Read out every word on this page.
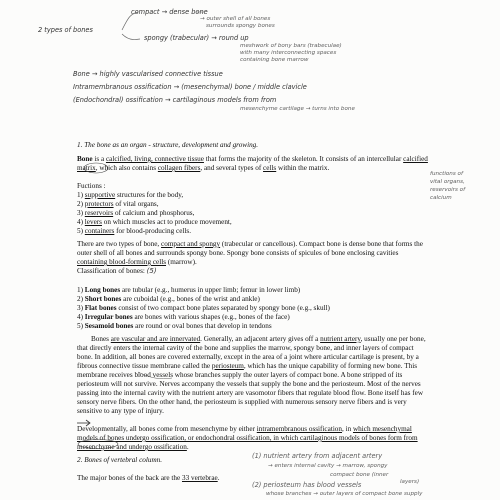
compact → dense bone
→ outer shell of all bones
surrounds spongy bones
2 types of bones
spongy (trabecular) → round up
meshwork of bony bars (trabeculae)
with many interconnecting spaces
containing bone marrow
Bone → highly vascularised connective tissue
Intramembranous ossification → (mesenchymal) bone / middle clavicle
(Endochondral) ossification → cartilaginous models from from
mesenchyme cartilage → turns into bone
functions of
vital organs,
reservoirs of
calcium
1. The bone as an organ - structure, development and growing.

Bone is a calcified, living, connective tissue that forms the majority of the skeleton. It consists of an intercellular calcified matrix, which also contains collagen fibers, and several types of cells within the matrix.

Fuctions :

1) supportive structures for the body,

2) protectors of vital organs,

3) reservoirs of calcium and phosphorus,

4) levers on which muscles act to produce movement,

5) containers for blood-producing cells.

There are two types of bone, compact and spongy (trabecular or cancellous). Compact bone is dense bone that forms the outer shell of all bones and surrounds spongy bone. Spongy bone consists of spicules of bone enclosing cavities containing blood-forming cells (marrow).

Classification of bones: (5)

1) Long bones are tubular (e.g., humerus in upper limb; femur in lower limb)

2) Short bones are cuboidal (e.g., bones of the wrist and ankle)

3) Flat bones consist of two compact bone plates separated by spongy bone (e.g., skull)

4) Irregular bones are bones with various shapes (e.g., bones of the face)

5) Sesamoid bones are round or oval bones that develop in tendons

Bones are vascular and are innervated. Generally, an adjacent artery gives off a nutrient artery, usually one per bone, that directly enters the internal cavity of the bone and supplies the marrow, spongy bone, and inner layers of compact bone. In addition, all bones are covered externally, except in the area of a joint where articular cartilage is present, by a fibrous connective tissue membrane called the periosteum, which has the unique capability of forming new bone. This membrane receives blood vessels whose branches supply the outer layers of compact bone. A bone stripped of its periosteum will not survive. Nerves accompany the vessels that supply the bone and the periosteum. Most of the nerves passing into the internal cavity with the nutrient artery are vasomotor fibers that regulate blood flow. Bone itself has few sensory nerve fibers. On the other hand, the periosteum is supplied with numerous sensory nerve fibers and is very sensitive to any type of injury.

Developmentally, all bones come from mesenchyme by either intramembranous ossification, in which mesenchymal models of bones undergo ossification, or endochondral ossification, in which cartilaginous models of bones form from mesenchyme and undergo ossification.

2. Bones of vertebral column.

The major bones of the back are the 33 vertebrae.

(1) nutrient artery from adjacent artery
→ enters internal cavity → marrow, spongy
compact bone (inner
layers)
(2) periosteum has blood vessels
whose branches → outer layers of compact bone supply
